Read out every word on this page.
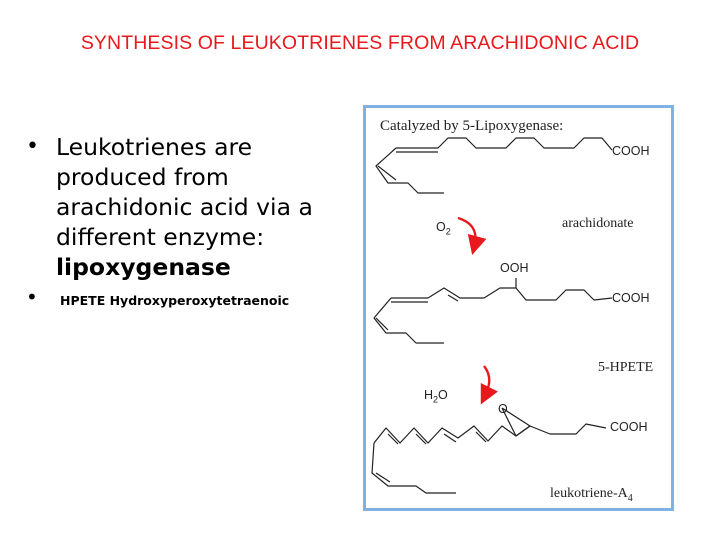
SYNTHESIS OF LEUKOTRIENES FROM ARACHIDONIC ACID
• Leukotrienes are produced from arachidonic acid via a different enzyme:
lipoxygenase
• HPETE Hydroxyperoxytetraenoic
Catalyzed by 5-Lipoxygenase:
COOH
$O_2$
arachidonate
OOH
COOH
5-HPETE
$H_2O$
O
COOH
leukotriene-$A_4$
